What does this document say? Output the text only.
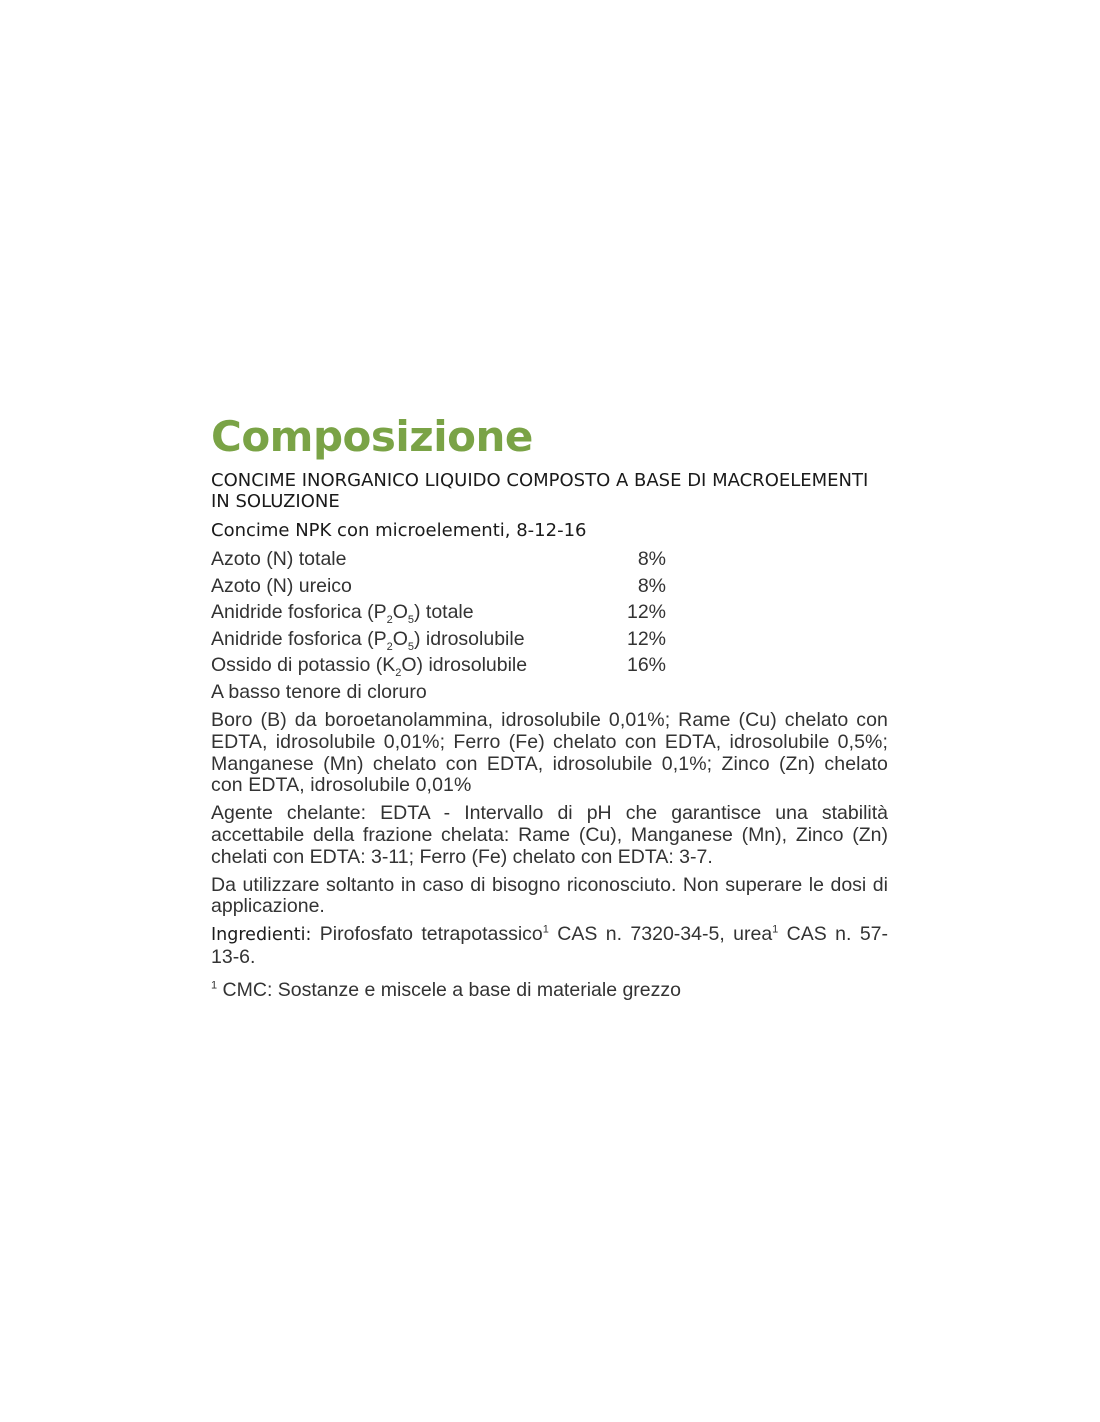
Composizione
CONCIME INORGANICO LIQUIDO COMPOSTO A BASE DI MACROELEMENTI IN SOLUZIONE
Concime NPK con microelementi, 8-12-16
Azoto (N) totale	8%
Azoto (N) ureico	8%
Anidride fosforica $(P_2O_5)$ totale	12%
Anidride fosforica $(P_2O_5)$ idrosolubile	12%
Ossido di potassio $(K_2O)$ idrosolubile	16%
A basso tenore di cloruro

Boro (B) da boroetanolammina, idrosolubile 0,01%; Rame (Cu) chelato con EDTA, idrosolubile 0,01%; Ferro (Fe) chelato con EDTA, idrosolubile 0,5%; Manganese (Mn) chelato con EDTA, idrosolubile 0,1%; Zinco (Zn) chelato con EDTA, idrosolubile 0,01%

Agente chelante: EDTA - Intervallo di pH che garantisce una stabilità accettabile della frazione chelata: Rame (Cu), Manganese (Mn), Zinco (Zn) chelati con EDTA: 3-11; Ferro (Fe) chelato con EDTA: 3-7.

Da utilizzare soltanto in caso di bisogno riconosciuto. Non superare le dosi di applicazione.

Ingredienti: Pirofosfato tetrapotassico$^1$ CAS n. 7320-34-5, urea$^1$ CAS n. 57-13-6.

$^1$ CMC: Sostanze e miscele a base di materiale grezzo
